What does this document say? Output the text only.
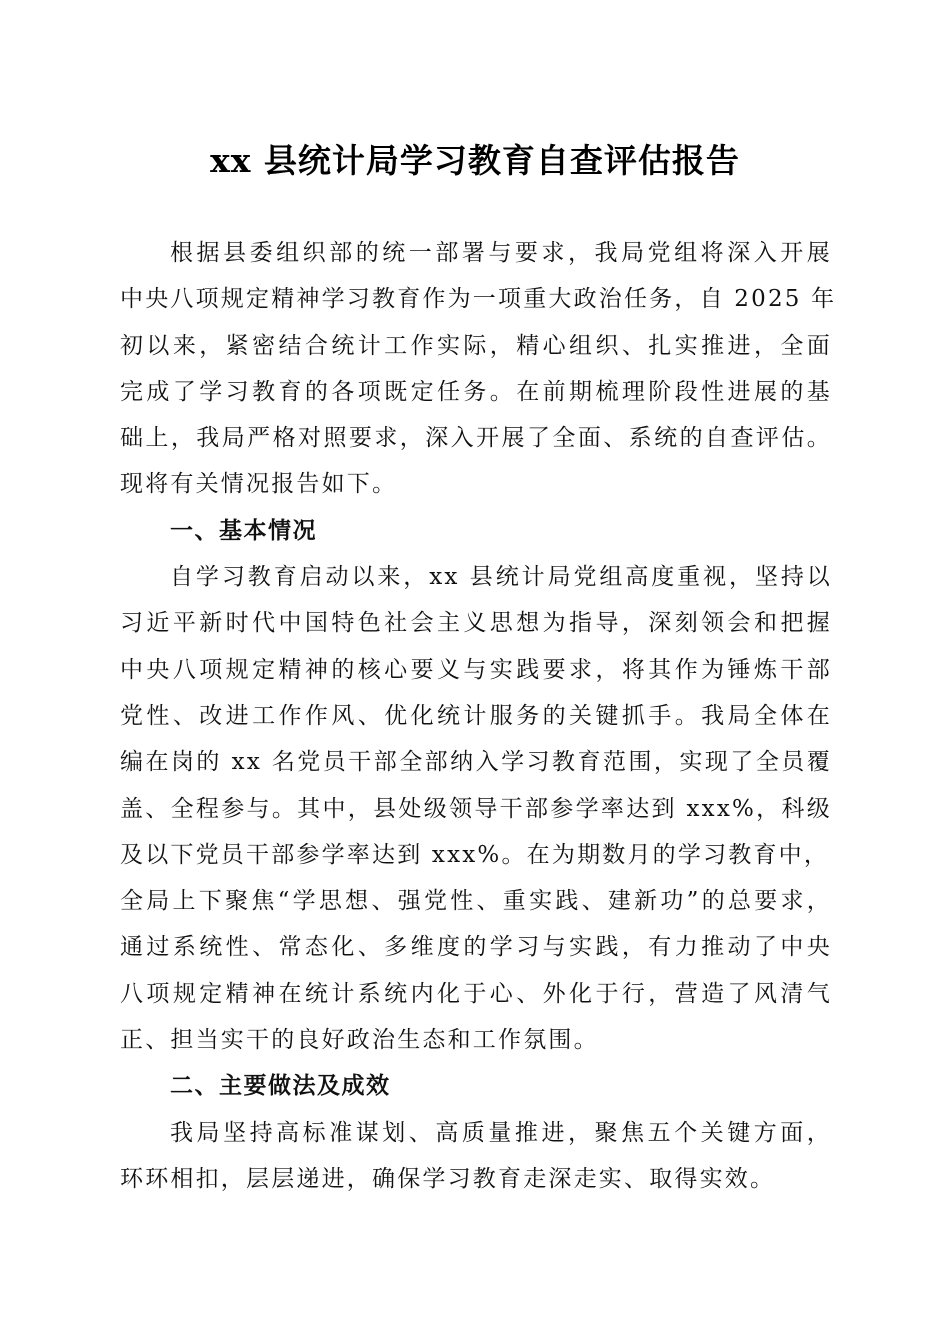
xx 县统计局学习教育自查评估报告
根据县委组织部的统一部署与要求，我局党组将深入开展
中央八项规定精神学习教育作为一项重大政治任务，自 2025 年
初以来，紧密结合统计工作实际，精心组织、扎实推进，全面
完成了学习教育的各项既定任务。在前期梳理阶段性进展的基
础上，我局严格对照要求，深入开展了全面、系统的自查评估。
现将有关情况报告如下。
一、基本情况
自学习教育启动以来，xx 县统计局党组高度重视，坚持以
习近平新时代中国特色社会主义思想为指导，深刻领会和把握
中央八项规定精神的核心要义与实践要求，将其作为锤炼干部
党性、改进工作作风、优化统计服务的关键抓手。我局全体在
编在岗的 xx 名党员干部全部纳入学习教育范围，实现了全员覆
盖、全程参与。其中，县处级领导干部参学率达到 xxx%，科级
及以下党员干部参学率达到 xxx%。在为期数月的学习教育中，
全局上下聚焦“学思想、强党性、重实践、建新功”的总要求，
通过系统性、常态化、多维度的学习与实践，有力推动了中央
八项规定精神在统计系统内化于心、外化于行，营造了风清气
正、担当实干的良好政治生态和工作氛围。
二、主要做法及成效
我局坚持高标准谋划、高质量推进，聚焦五个关键方面，
环环相扣，层层递进，确保学习教育走深走实、取得实效。
